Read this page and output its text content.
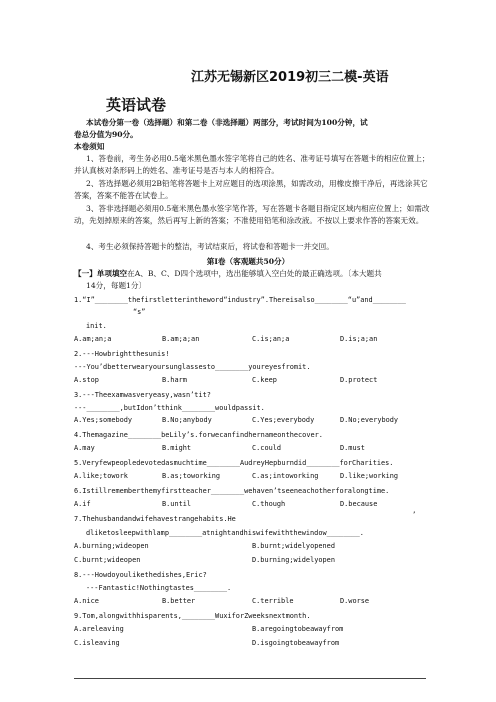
江苏无锡新区2019初三二模-英语
英语试卷
本试卷分第一卷（选择题）和第二卷（非选择题）两部分，考试时间为100分钟，试
卷总分值为90分。
本卷须知
1、答卷前，考生务必用0.5毫米黑色墨水签字笔将自己的姓名、准考证号填写在答题卡的相应位置上；并认真核对条形码上的姓名、准考证号是否与本人的相符合。
2、答选择题必须用2B铅笔将答题卡上对应题目的选项涂黑，如需改动，用橡皮擦干净后，再选涂其它答案，答案不能答在试卷上。
3、答非选择题必须用0.5毫米黑色墨水签字笔作答，写在答题卡各题目指定区域内相应位置上；如需改动，先划掉原来的答案，然后再写上新的答案；不准使用铅笔和涂改液。不按以上要求作答的答案无效。
4、考生必须保持答题卡的整洁，考试结束后，将试卷和答题卡一并交回。
第Ⅰ卷（客观题共50分）
【一】单项填空在A、B、C、D四个选项中，选出能够填入空白处的最正确选项。〔本大题共
14分，每题1分〕
1.“I”________thefirstletterintheword“industry”.Thereisalso________“u”and________
“s”
init.
A.am;an;a	B.am;a;an	C.is;an;a	D.is;a;an
2.---Howbrightthesunis!
---You’dbetterwearyoursunglassesto________youreyesfromit.
A.stop	B.harm	C.keep	D.protect
3.---Theexamwasveryeasy,wasn’tit?
---________,butIdon’tthink________wouldpassit.
A.Yes;somebody	B.No;anybody	C.Yes;everybody	D.No;everybody
4.Themagazine________beLily’s.forwecanfindhernameonthecover.
A.may	B.might	C.could	D.must
5.Veryfewpeopledevotedasmuchtime________AudreyHepburndid________forCharities.
A.like;towork	B.as;toworking	C.as;intoworking	D.like;working
6.Istillrememberthemyfirstteacher________wehaven’tseeneachotherforalongtime.
A.if	B.until	C.though	D.because
7.Thehusbandandwifehavestrangehabits.He	’
dliketosleepwithlamp________atnightandhiswifewiththewindow________.
A.burning;wideopen	B.burnt;widelyopened
C.burnt;wideopen	D.burning;widelyopen
8.---Howdoyoulikethedishes,Eric?
---Fantastic!Nothingtastes________.
A.nice	B.better	C.terrible	D.worse
9.Tom,alongwithhisparents,________WuxiforZweeksnextmonth.
A.areleaving	B.aregoingtobeawayfrom
C.isleaving	D.isgoingtobeawayfrom
